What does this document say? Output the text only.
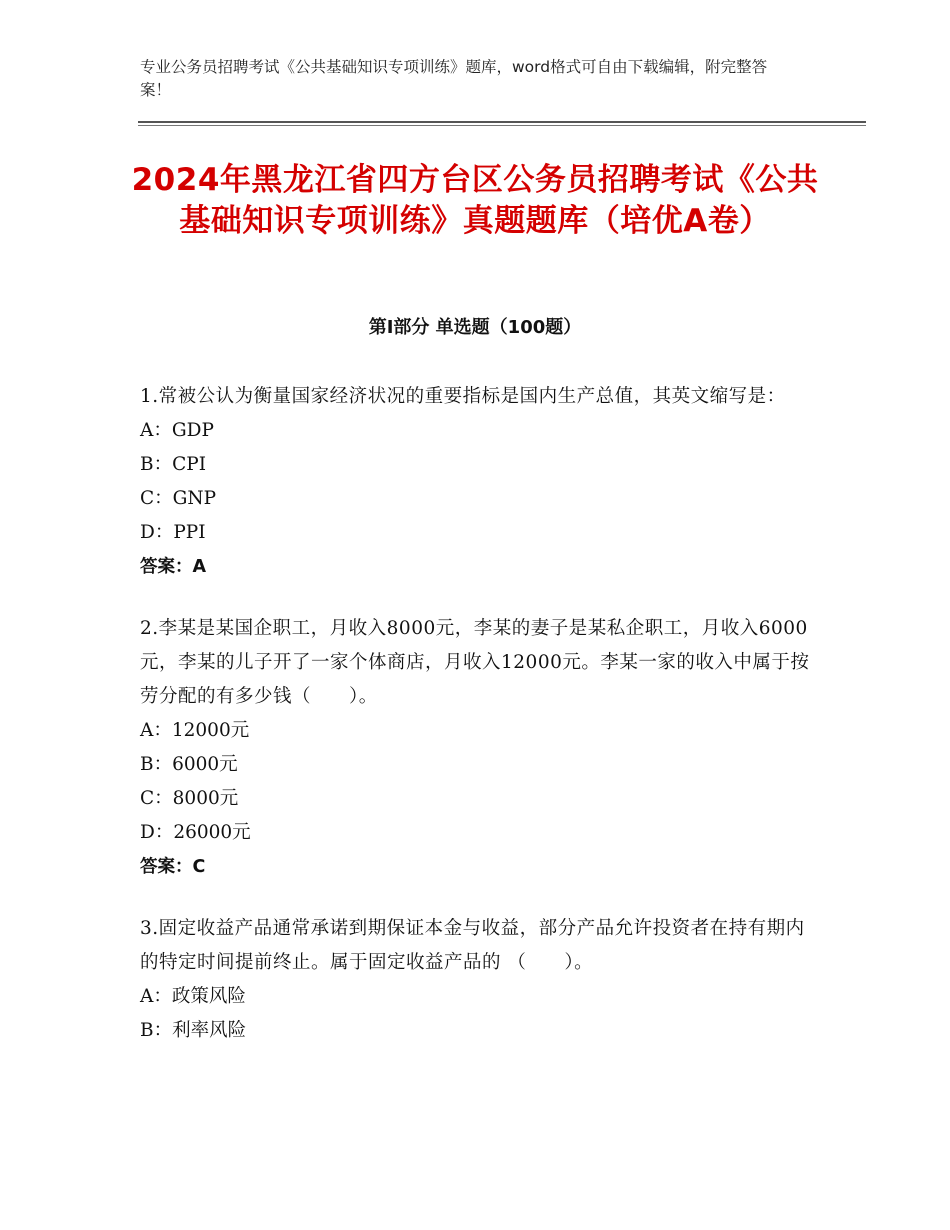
专业公务员招聘考试《公共基础知识专项训练》题库，word格式可自由下载编辑，附完整答案！
2024年黑龙江省四方台区公务员招聘考试《公共基础知识专项训练》真题题库（培优A卷）
第Ⅰ部分 单选题（100题）
1.常被公认为衡量国家经济状况的重要指标是国内生产总值，其英文缩写是：
A：GDP
B：CPI
C：GNP
D：PPI
答案：A
2.李某是某国企职工，月收入8000元，李某的妻子是某私企职工，月收入6000元，李某的儿子开了一家个体商店，月收入12000元。李某一家的收入中属于按劳分配的有多少钱（　　）。
A：12000元
B：6000元
C：8000元
D：26000元
答案：C
3.固定收益产品通常承诺到期保证本金与收益，部分产品允许投资者在持有期内的特定时间提前终止。属于固定收益产品的 （　　）。
A：政策风险
B：利率风险
